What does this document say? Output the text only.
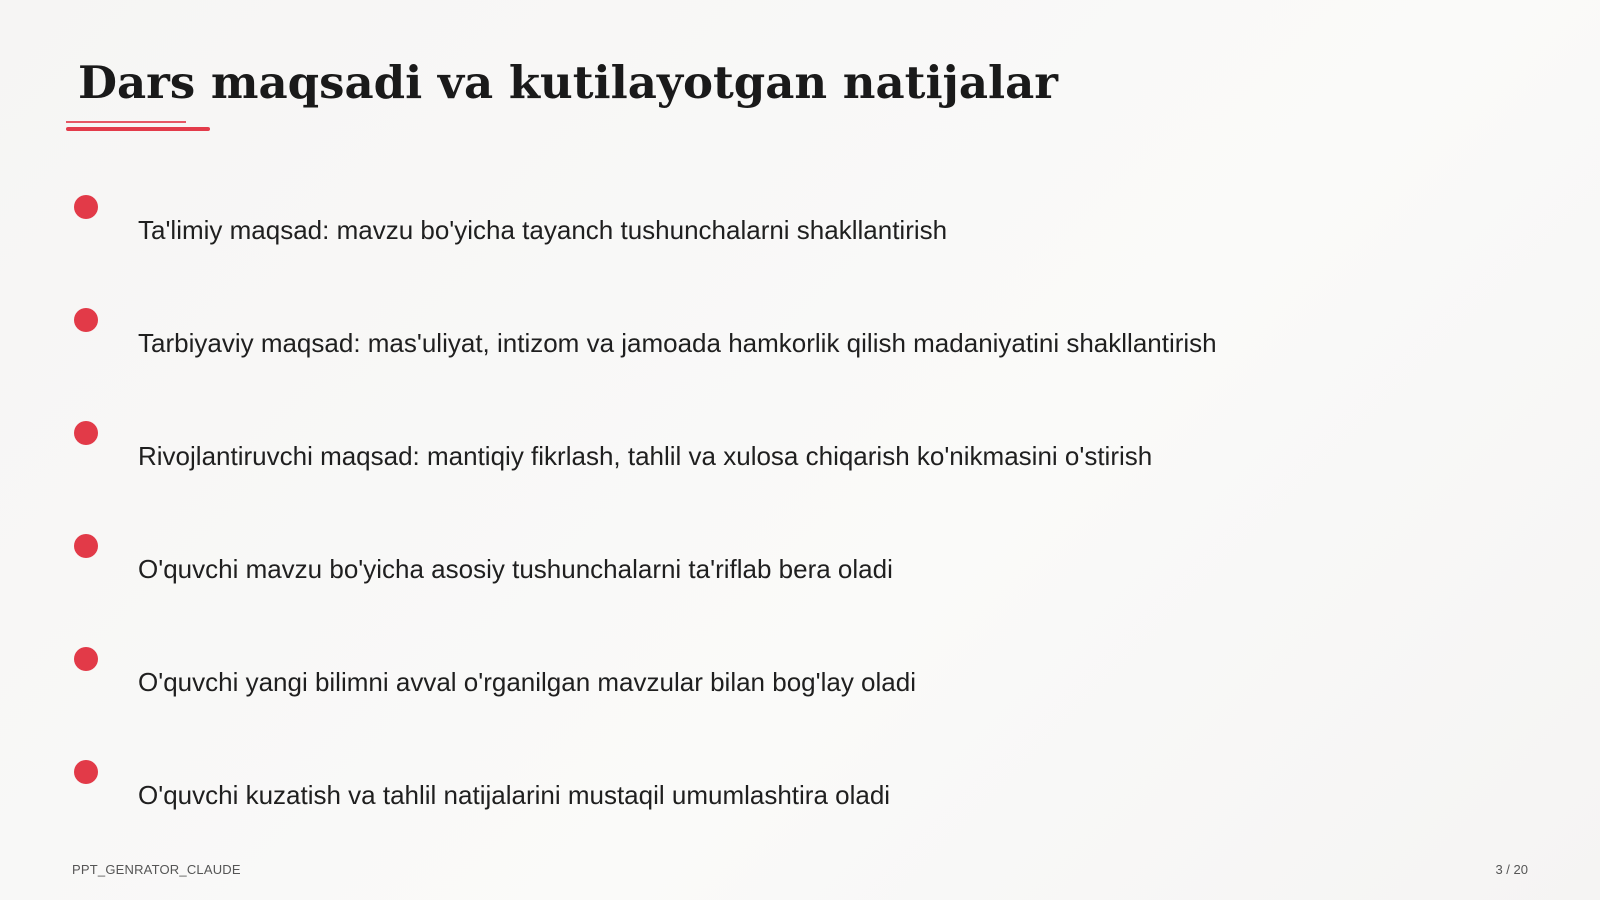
Dars maqsadi va kutilayotgan natijalar
Ta'limiy maqsad: mavzu bo'yicha tayanch tushunchalarni shakllantirish
Tarbiyaviy maqsad: mas'uliyat, intizom va jamoada hamkorlik qilish madaniyatini shakllantirish
Rivojlantiruvchi maqsad: mantiqiy fikrlash, tahlil va xulosa chiqarish ko'nikmasini o'stirish
O'quvchi mavzu bo'yicha asosiy tushunchalarni ta'riflab bera oladi
O'quvchi yangi bilimni avval o'rganilgan mavzular bilan bog'lay oladi
O'quvchi kuzatish va tahlil natijalarini mustaqil umumlashtira oladi
PPT_GENRATOR_CLAUDE	3 / 20
